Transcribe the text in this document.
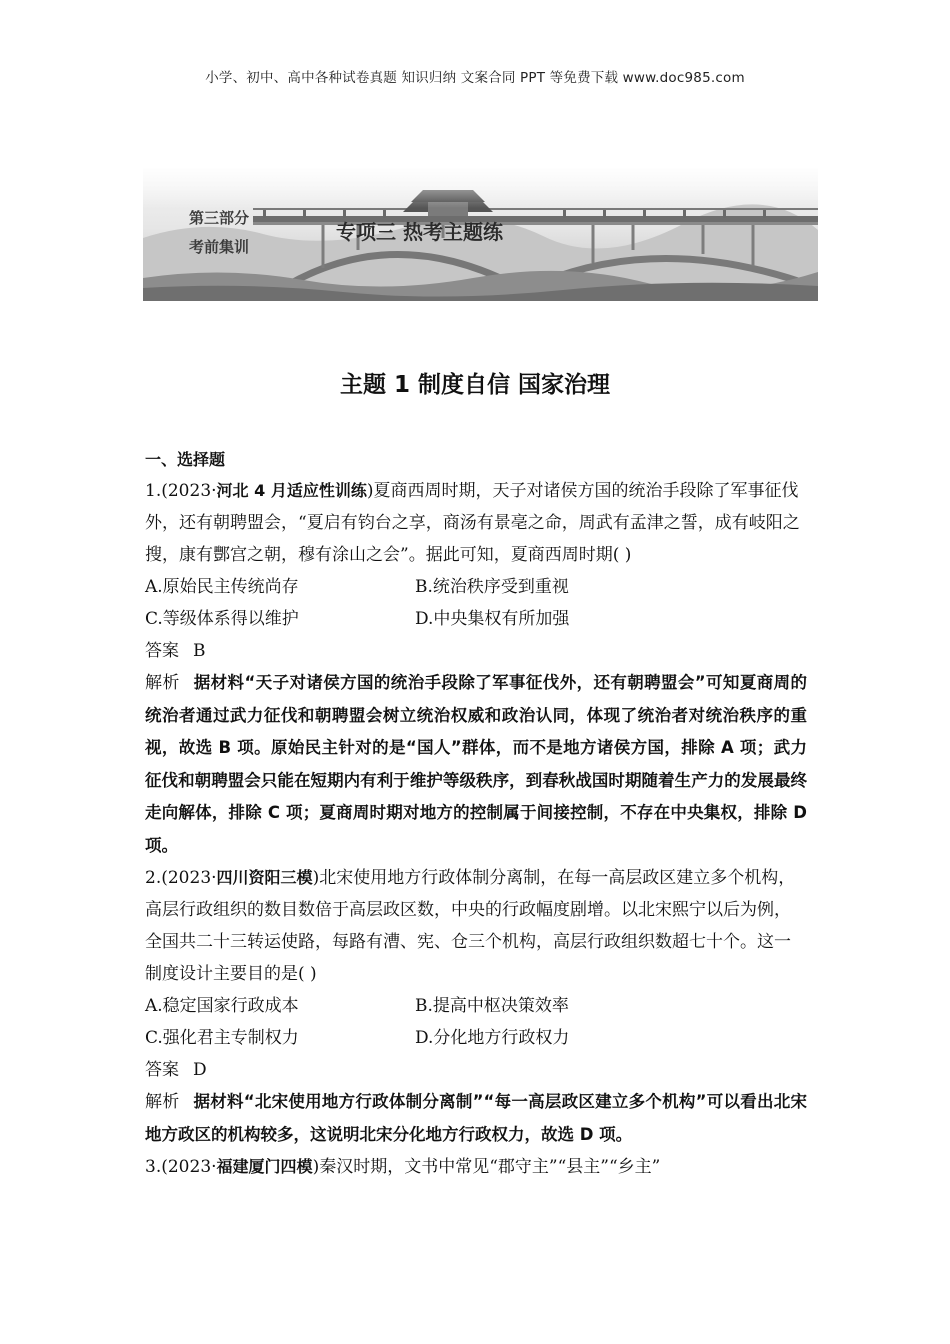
小学、初中、高中各种试卷真题 知识归纳 文案合同 PPT 等免费下载 www.doc985.com
第三部分
考前集训
专项三 热考主题练
主题 1 制度自信 国家治理
一、选择题
1.(2023·河北 4 月适应性训练)夏商西周时期，天子对诸侯方国的统治手段除了军事征伐外，还有朝聘盟会，“夏启有钧台之享，商汤有景亳之命，周武有孟津之誓，成有岐阳之搜，康有酆宫之朝，穆有涂山之会”。据此可知，夏商西周时期( )
A.原始民主传统尚存	B.统治秩序受到重视
C.等级体系得以维护	D.中央集权有所加强
答案 B
解析 据材料“天子对诸侯方国的统治手段除了军事征伐外，还有朝聘盟会”可知夏商周的统治者通过武力征伐和朝聘盟会树立统治权威和政治认同，体现了统治者对统治秩序的重视，故选 B 项。原始民主针对的是“国人”群体，而不是地方诸侯方国，排除 A 项；武力征伐和朝聘盟会只能在短期内有利于维护等级秩序，到春秋战国时期随着生产力的发展最终走向解体，排除 C 项；夏商周时期对地方的控制属于间接控制，不存在中央集权，排除 D 项。
2.(2023·四川资阳三模)北宋使用地方行政体制分离制，在每一高层政区建立多个机构，高层行政组织的数目数倍于高层政区数，中央的行政幅度剧增。以北宋熙宁以后为例，全国共二十三转运使路，每路有漕、宪、仓三个机构，高层行政组织数超七十个。这一制度设计主要目的是( )
A.稳定国家行政成本	B.提高中枢决策效率
C.强化君主专制权力	D.分化地方行政权力
答案 D
解析 据材料“北宋使用地方行政体制分离制”“每一高层政区建立多个机构”可以看出北宋地方政区的机构较多，这说明北宋分化地方行政权力，故选 D 项。
3.(2023·福建厦门四模)秦汉时期，文书中常见“郡守主”“县主”“乡主”
